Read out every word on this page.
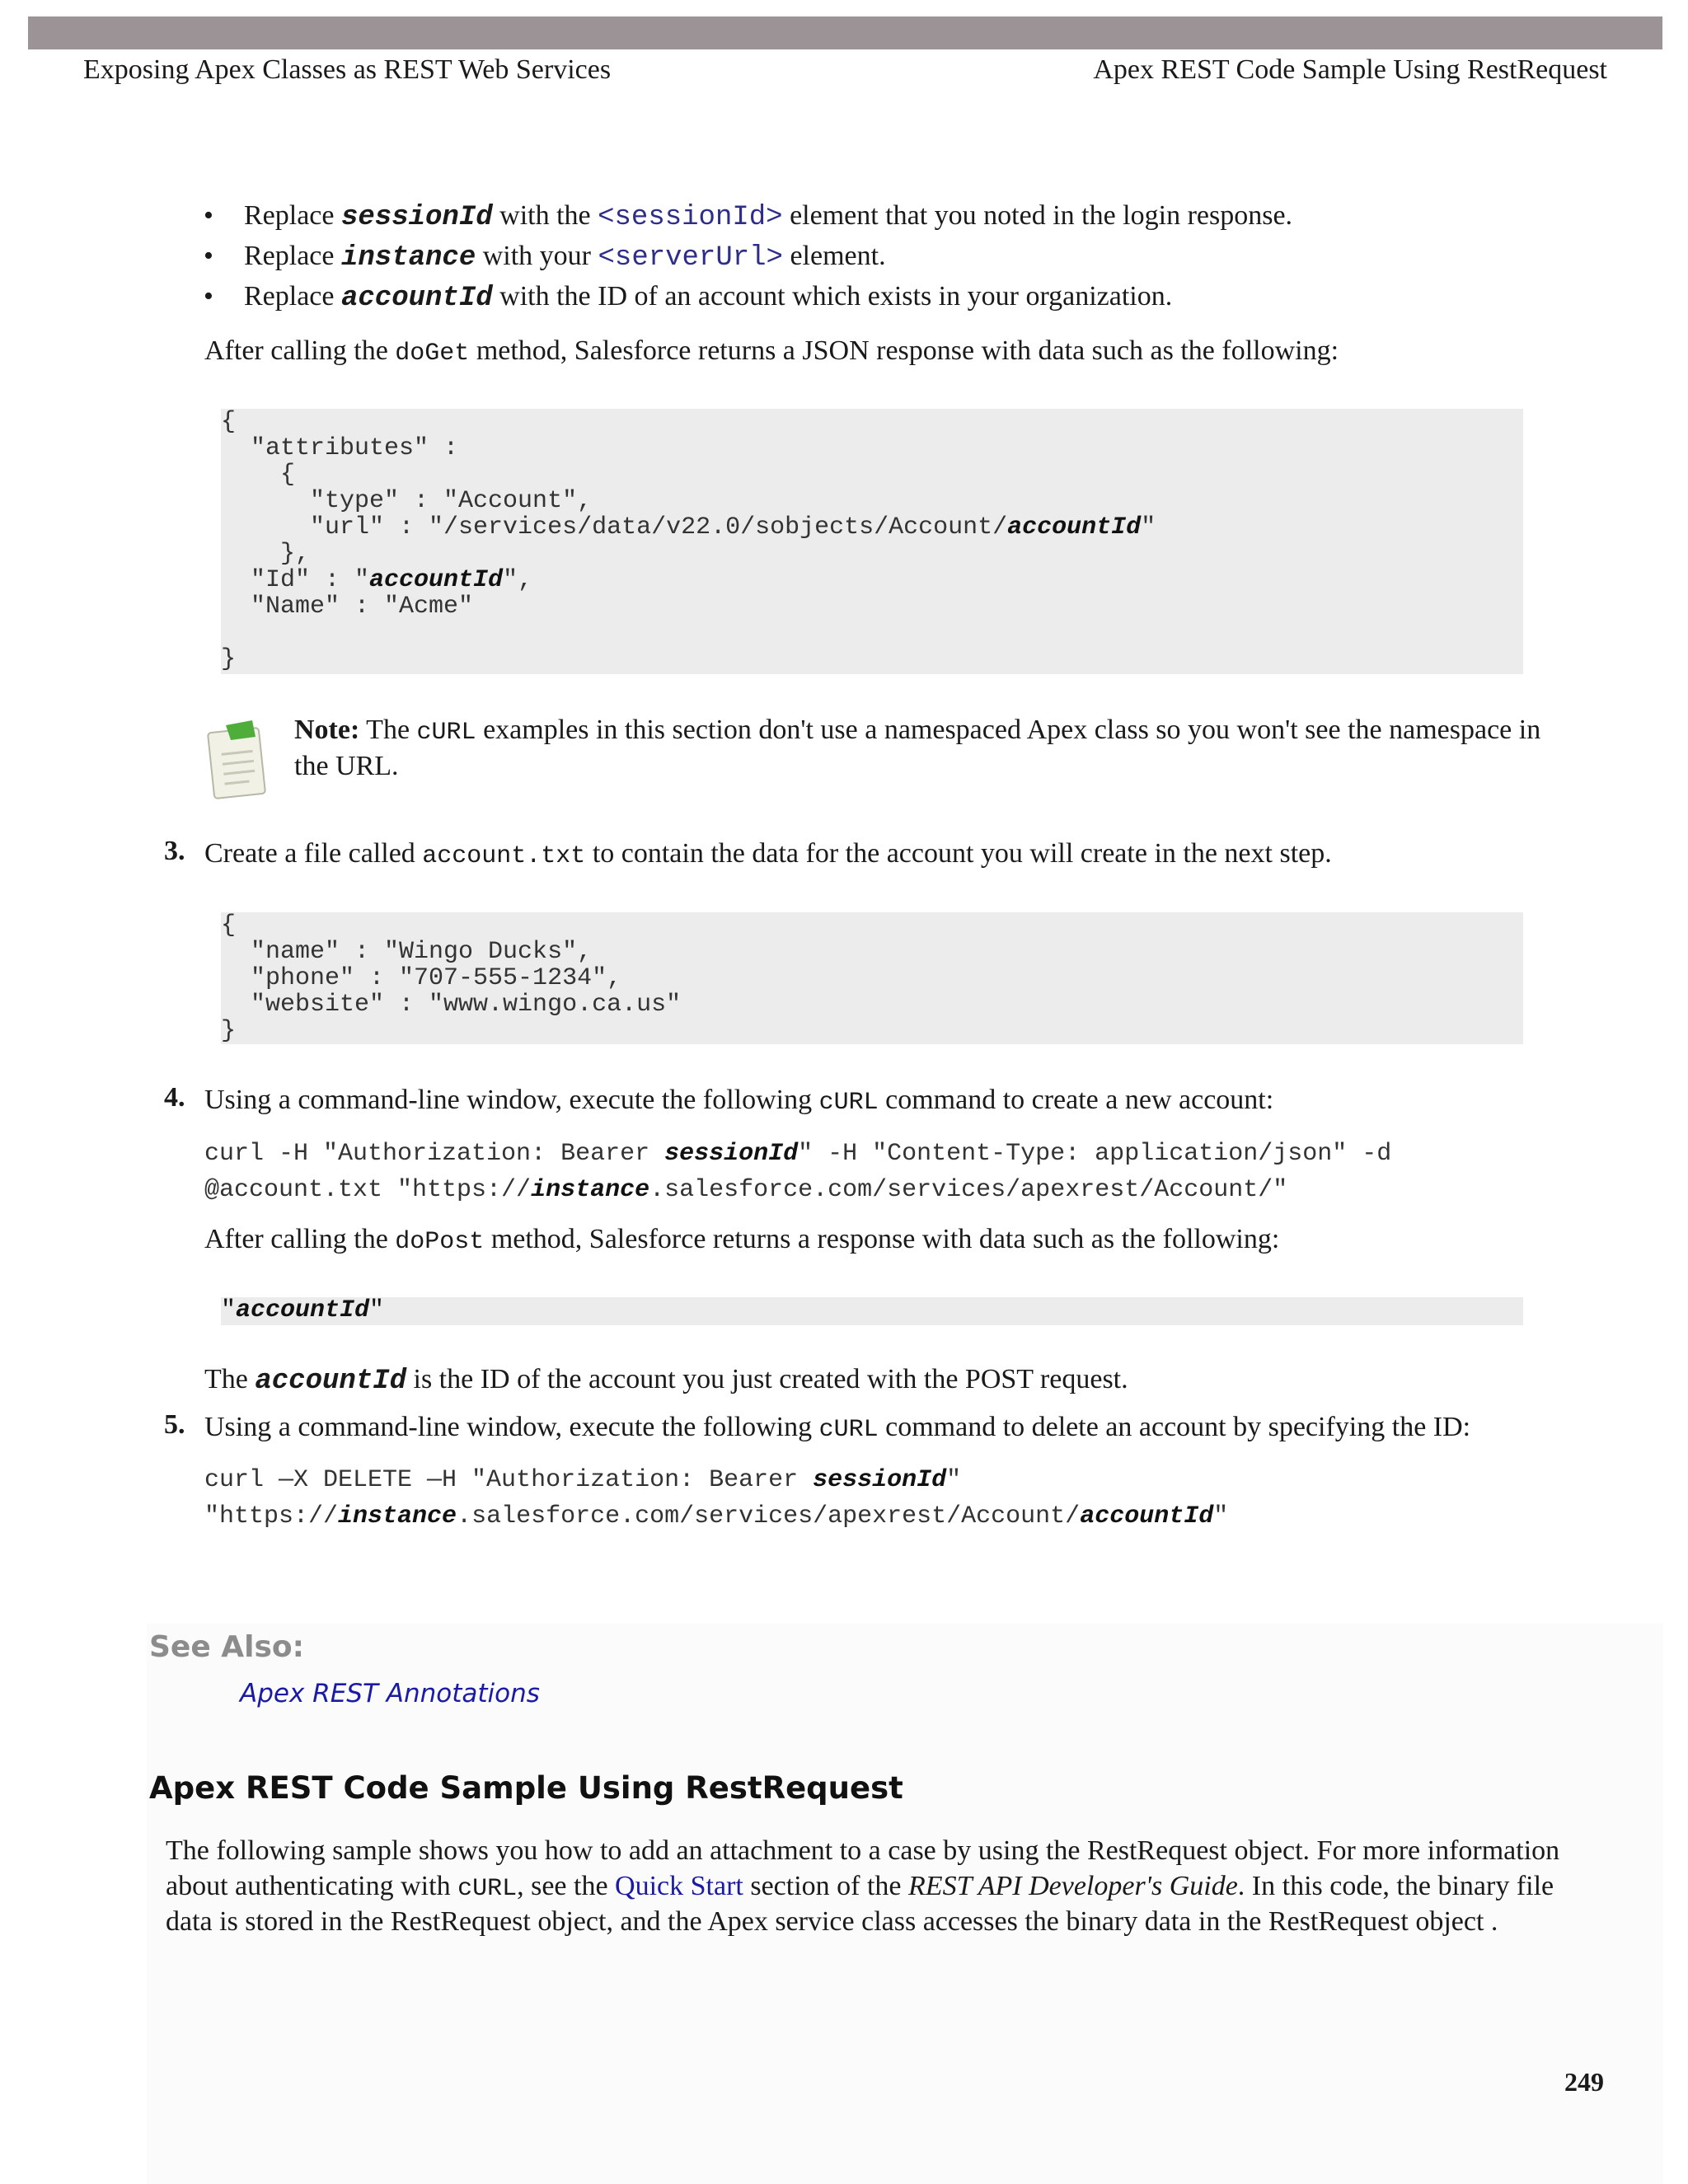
Exposing Apex Classes as REST Web Services	Apex REST Code Sample Using RestRequest
• Replace sessionId with the <sessionId> element that you noted in the login response.
• Replace instance with your <serverUrl> element.
• Replace accountId with the ID of an account which exists in your organization.
After calling the doGet method, Salesforce returns a JSON response with data such as the following:

{

"attributes" :

{

"type" : "Account",

"url" : "/services/data/v22.0/sobjects/Account/accountId"

},

"Id" : "accountId",

"Name" : "Acme"

}

Note: The cURL examples in this section don't use a namespaced Apex class so you won't see the namespace in
the URL.
3. Create a file called account.txt to contain the data for the account you will create in the next step.

{

"name" : "Wingo Ducks",

"phone" : "707-555-1234",

"website" : "www.wingo.ca.us"

}

4. Using a command-line window, execute the following cURL command to create a new account:
curl -H "Authorization: Bearer sessionId" -H "Content-Type: application/json" -d
@account.txt "https://instance.salesforce.com/services/apexrest/Account/"
After calling the doPost method, Salesforce returns a response with data such as the following:

"accountId"

The accountId is the ID of the account you just created with the POST request.
5. Using a command-line window, execute the following cURL command to delete an account by specifying the ID:
curl —X DELETE —H "Authorization: Bearer sessionId"
"https://instance.salesforce.com/services/apexrest/Account/accountId"
See Also:
Apex REST Annotations
Apex REST Code Sample Using RestRequest
The following sample shows you how to add an attachment to a case by using the RestRequest object. For more information
about authenticating with cURL, see the Quick Start section of the REST API Developer's Guide. In this code, the binary file
data is stored in the RestRequest object, and the Apex service class accesses the binary data in the RestRequest object .
249
